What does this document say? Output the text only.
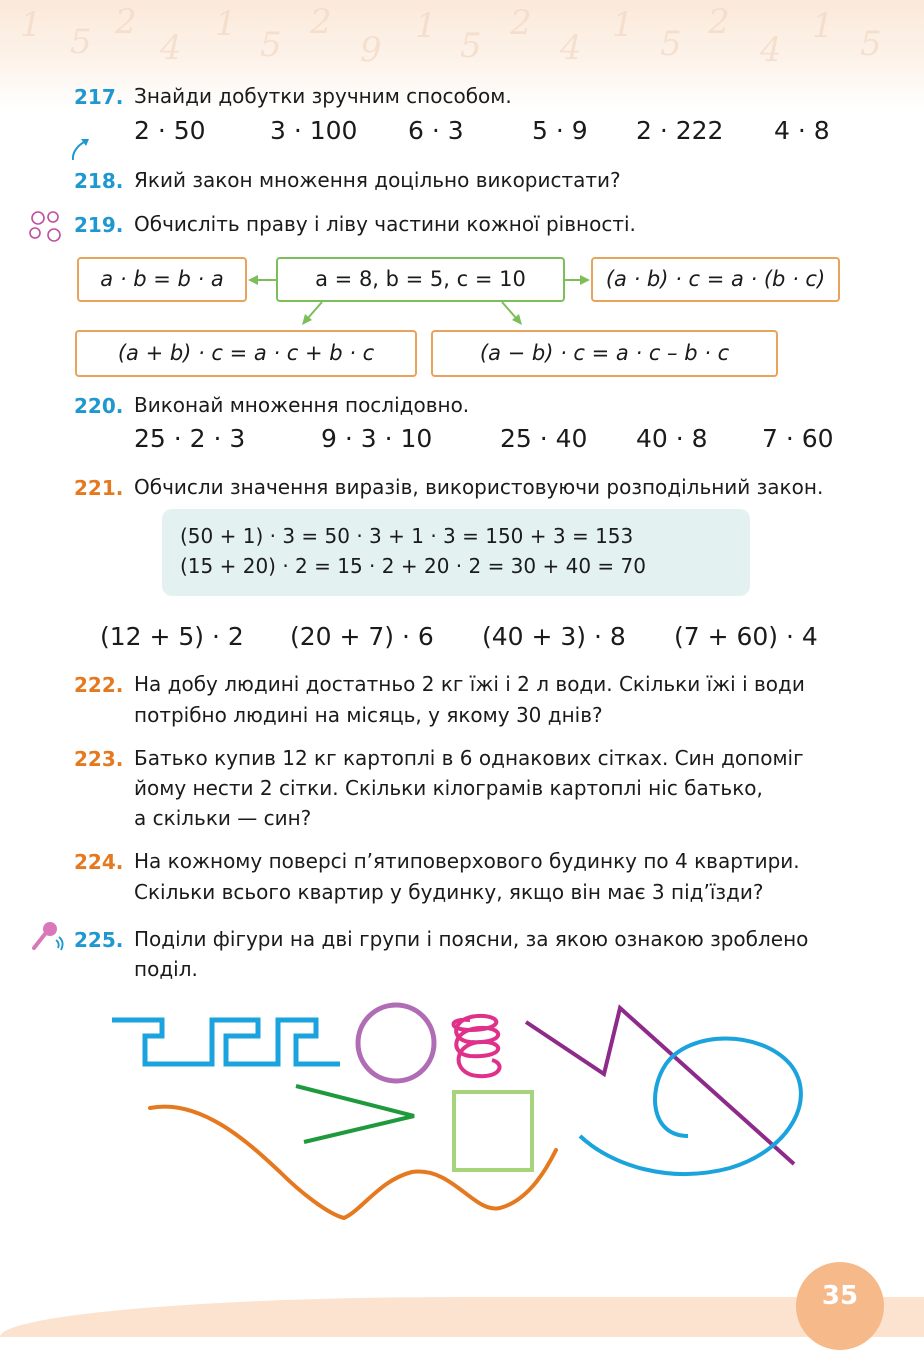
1 5 2
4
1
5
2
9
1 5
2
4
1 5
2
4
1 5
217. Знайди добутки зручним способом.
2 · 50	3 · 100 6 · 3	5 · 9 2 · 222 4 · 8
218. Який закон множення доцільно використати?
219. Обчисліть праву і ліву частини кожної рівності.
a · b = b · a	a = 8, b = 5, c = 10	(a · b) · c = a · (b · c)
(a + b) · c = a · c + b · c	(a − b) · c = a · c – b · c
220. Виконай множення послідовно.
25 · 2 · 3	9 · 3 · 10	25 · 40 40 · 8 7 · 60
221. Обчисли значення виразів, використовуючи розподільний закон.
(50 + 1) · 3 = 50 · 3 + 1 · 3 = 150 + 3 = 153
(15 + 20) · 2 = 15 · 2 + 20 · 2 = 30 + 40 = 70
(12 + 5) · 2 (20 + 7) · 6 (40 + 3) · 8 (7 + 60) · 4
222. На добу людині достатньо 2 кг їжі і 2 л води. Скільки їжі і води
потрібно людині на місяць, у якому 30 днів?
223. Батько купив 12 кг картоплі в 6 однакових сітках. Син допоміг
йому нести 2 сітки. Скільки кілограмів картоплі ніс батько,
а скільки — син?
224. На кожному поверсі п’ятиповерхового будинку по 4 квартири.
Скільки всього квартир у будинку, якщо він має 3 під’їзди?
225. Поділи фігури на дві групи і поясни, за якою ознакою зроблено
поділ.
35
